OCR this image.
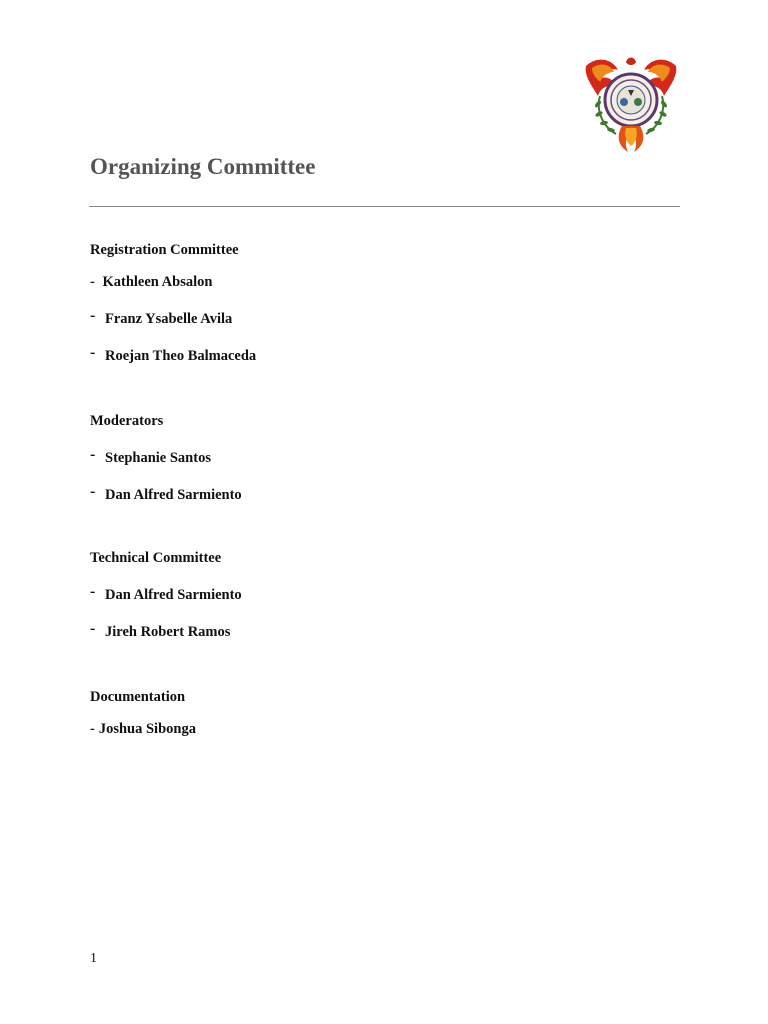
Organizing Committee
Registration Committee
- Kathleen Absalon
- Franz Ysabelle Avila
- Roejan Theo Balmaceda
Moderators
- Stephanie Santos
- Dan Alfred Sarmiento
Technical Committee
- Dan Alfred Sarmiento
- Jireh Robert Ramos
Documentation
- Joshua Sibonga
1
